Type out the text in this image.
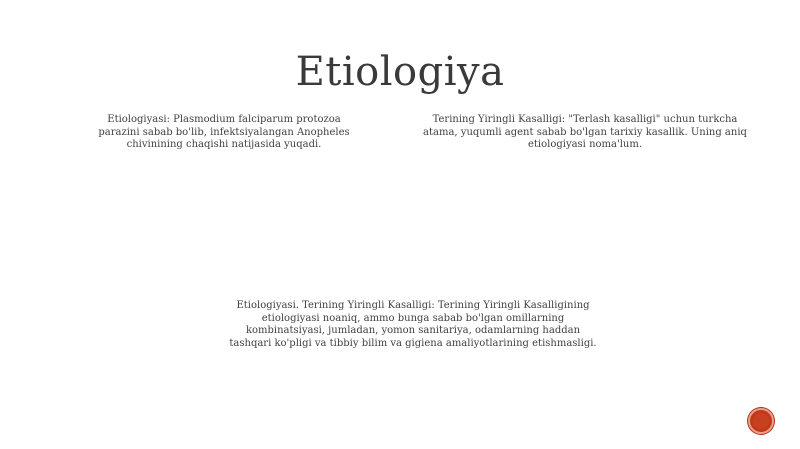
Etiologiya
Etiologiyasi: Plasmodium falciparum protozoa parazini sabab bo'lib, infektsiyalangan Anopheles chivinining chaqishi natijasida yuqadi.
Terining Yiringli Kasalligi: "Terlash kasalligi" uchun turkcha atama, yuqumli agent sabab bo'lgan tarixiy kasallik. Uning aniq etiologiyasi noma'lum.
Etiologiyasi. Terining Yiringli Kasalligi: Terining Yiringli Kasalligining etiologiyasi noaniq, ammo bunga sabab bo'lgan omillarning kombinatsiyasi, jumladan, yomon sanitariya, odamlarning haddan tashqari ko'pligi va tibbiy bilim va gigiena amaliyotlarining etishmasligi.
